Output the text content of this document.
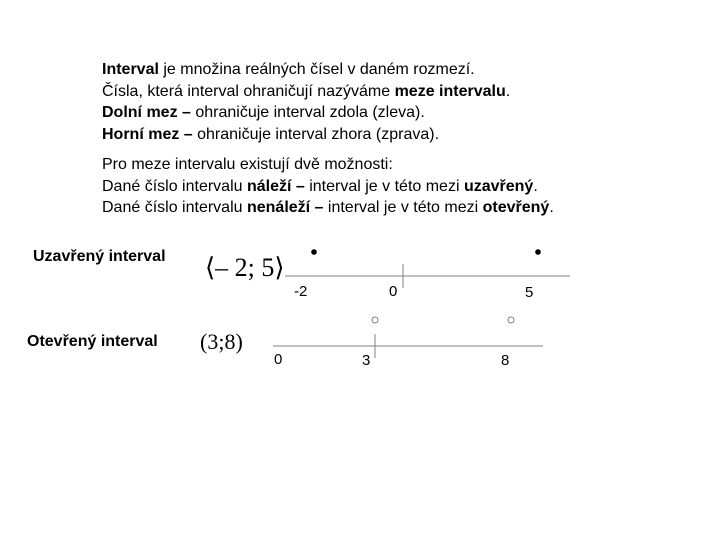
Interval je množina reálných čísel v daném rozmezí.

Čísla, která interval ohraničují nazýváme meze intervalu.

Dolní mez – ohraničuje interval zdola (zleva).

Horní mez – ohraničuje interval zhora (zprava).

Pro meze intervalu existují dvě možnosti:

Dané číslo intervalu náleží – interval je v této mezi uzavřený.

Dané číslo intervalu nenáleží – interval je v této mezi otevřený.

Uzavřený interval ⟨– 2; 5⟩
-2	0	5
Otevřený interval (3;8)
0	3	8
